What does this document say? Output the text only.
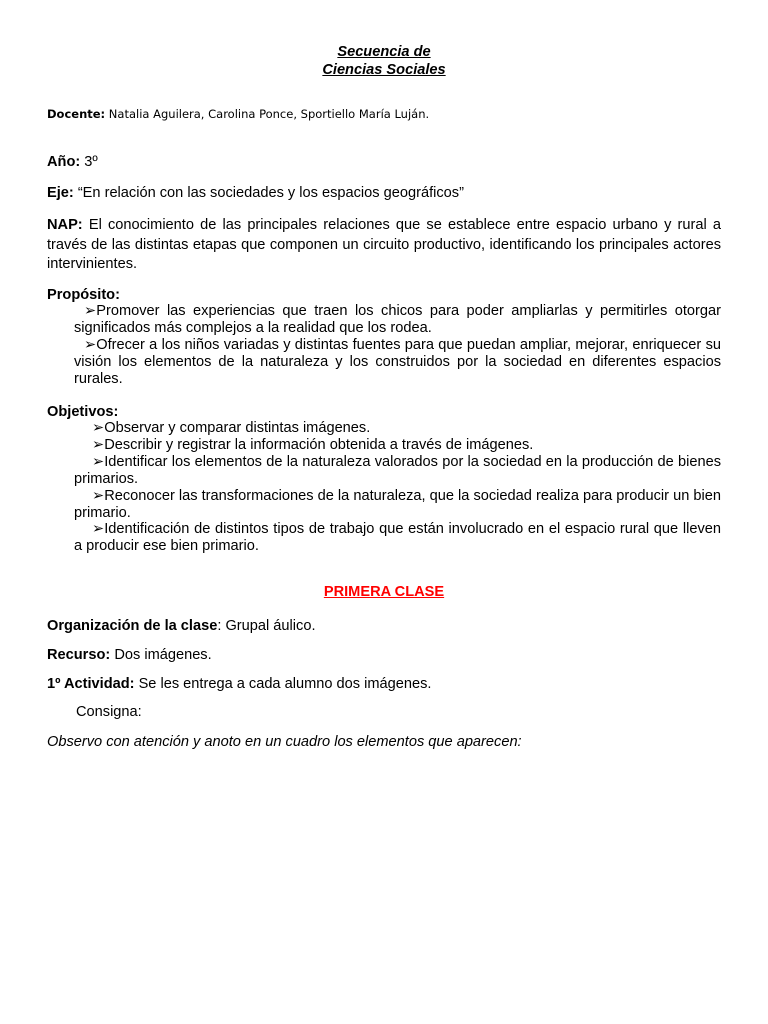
Secuencia de
Ciencias Sociales
Docente: Natalia Aguilera, Carolina Ponce, Sportiello María Luján.
Año: 3º
Eje: “En relación con las sociedades y los espacios geográficos”
NAP: El conocimiento de las principales relaciones que se establece entre espacio urbano y rural a través de las distintas etapas que componen un circuito productivo, identificando los principales actores intervinientes.
Propósito:
➢Promover las experiencias que traen los chicos para poder ampliarlas y permitirles otorgar significados más complejos a la realidad que los rodea.
➢Ofrecer a los niños variadas y distintas fuentes para que puedan ampliar, mejorar, enriquecer su visión los elementos de la naturaleza y los construidos por la sociedad en diferentes espacios rurales.
Objetivos:
➢Observar y comparar distintas imágenes.
➢Describir y registrar la información obtenida a través de imágenes.
➢Identificar los elementos de la naturaleza valorados por la sociedad en la producción de bienes primarios.
➢Reconocer las transformaciones de la naturaleza, que la sociedad realiza para producir un bien primario.
➢Identificación de distintos tipos de trabajo que están involucrado en el espacio rural que lleven a producir ese bien primario.
PRIMERA CLASE
Organización de la clase: Grupal áulico.
Recurso: Dos imágenes.
1º Actividad: Se les entrega a cada alumno dos imágenes.
Consigna:
Observo con atención y anoto en un cuadro los elementos que aparecen:
